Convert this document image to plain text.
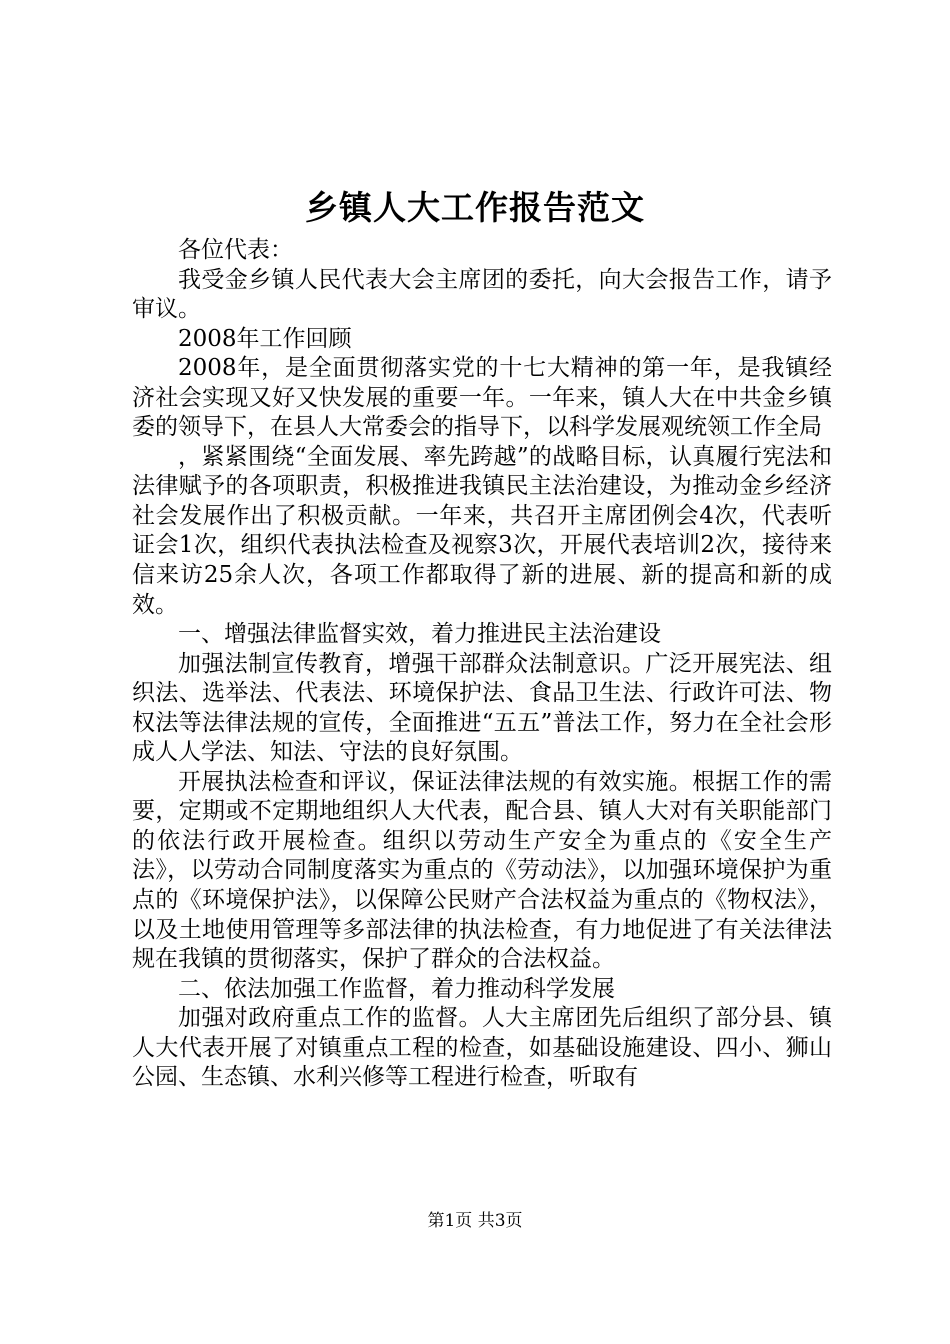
乡镇人大工作报告范文

各位代表：

我受金乡镇人民代表大会主席团的委托，向大会报告工作，请予审议。

2008年工作回顾

2008年，是全面贯彻落实党的十七大精神的第一年，是我镇经济社会实现又好又快发展的重要一年。一年来，镇人大在中共金乡镇委的领导下，在县人大常委会的指导下，以科学发展观统领工作全局

，紧紧围绕“全面发展、率先跨越”的战略目标，认真履行宪法和法律赋予的各项职责，积极推进我镇民主法治建设，为推动金乡经济社会发展作出了积极贡献。一年来，共召开主席团例会4次，代表听证会1次，组织代表执法检查及视察3次，开展代表培训2次，接待来信来访25余人次，各项工作都取得了新的进展、新的提高和新的成效。

一、增强法律监督实效，着力推进民主法治建设

加强法制宣传教育，增强干部群众法制意识。广泛开展宪法、组织法、选举法、代表法、环境保护法、食品卫生法、行政许可法、物权法等法律法规的宣传，全面推进“五五”普法工作，努力在全社会形成人人学法、知法、守法的良好氛围。

开展执法检查和评议，保证法律法规的有效实施。根据工作的需要，定期或不定期地组织人大代表，配合县、镇人大对有关职能部门的依法行政开展检查。组织以劳动生产安全为重点的《安全生产法》，以劳动合同制度落实为重点的《劳动法》，以加强环境保护为重点的《环境保护法》，以保障公民财产合法权益为重点的《物权法》，以及土地使用管理等多部法律的执法检查，有力地促进了有关法律法规在我镇的贯彻落实，保护了群众的合法权益。

二、依法加强工作监督，着力推动科学发展

加强对政府重点工作的监督。人大主席团先后组织了部分县、镇人大代表开展了对镇重点工程的检查，如基础设施建设、四小、狮山公园、生态镇、水利兴修等工程进行检查，听取有

第1页 共3页
